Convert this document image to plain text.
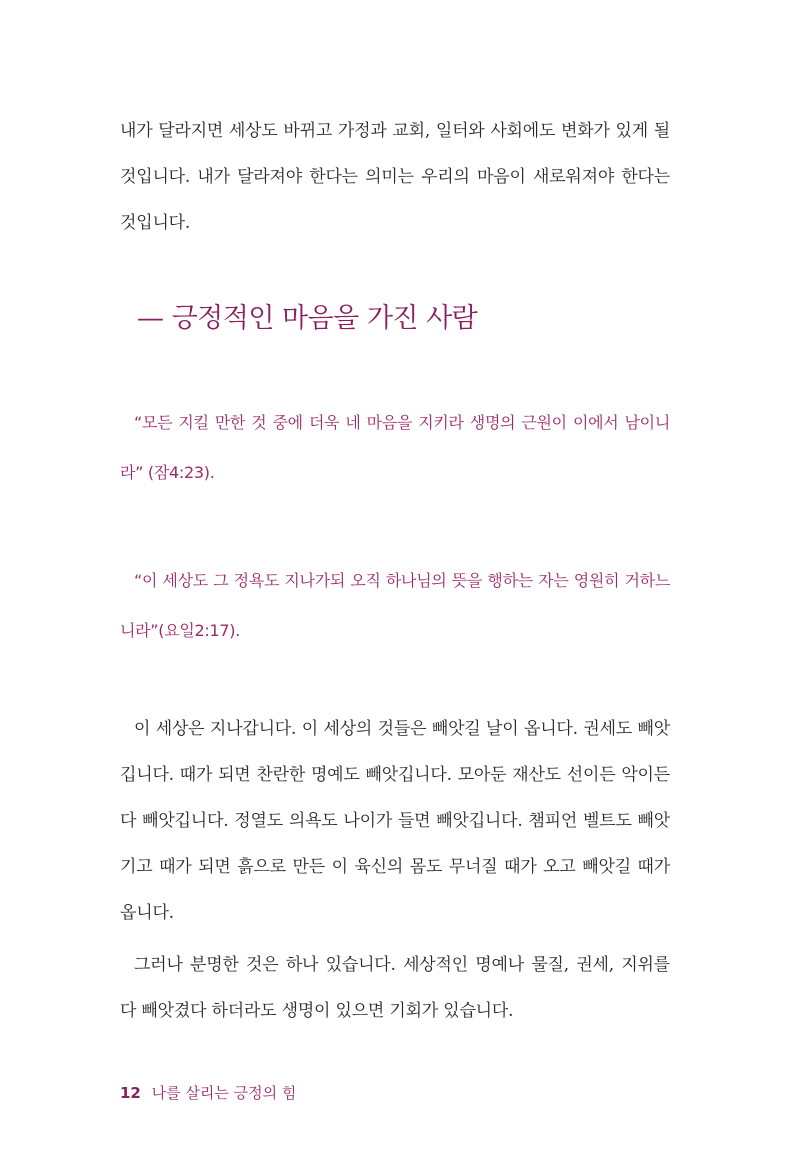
내가 달라지면 세상도 바뀌고 가정과 교회, 일터와 사회에도 변화가 있게 될 것입니다. 내가 달라져야 한다는 의미는 우리의 마음이 새로워져야 한다는 것입니다.

— 긍정적인 마음을 가진 사람

“모든 지킬 만한 것 중에 더욱 네 마음을 지키라 생명의 근원이 이에서 남이니라” (잠4:23).

“이 세상도 그 정욕도 지나가되 오직 하나님의 뜻을 행하는 자는 영원히 거하느니라”(요일2:17).

이 세상은 지나갑니다. 이 세상의 것들은 빼앗길 날이 옵니다. 권세도 빼앗깁니다. 때가 되면 찬란한 명예도 빼앗깁니다. 모아둔 재산도 선이든 악이든 다 빼앗깁니다. 정열도 의욕도 나이가 들면 빼앗깁니다. 챔피언 벨트도 빼앗기고 때가 되면 흙으로 만든 이 육신의 몸도 무너질 때가 오고 빼앗길 때가 옵니다.

그러나 분명한 것은 하나 있습니다. 세상적인 명예나 물질, 권세, 지위를 다 빼앗겼다 하더라도 생명이 있으면 기회가 있습니다.

12 나를 살리는 긍정의 힘
